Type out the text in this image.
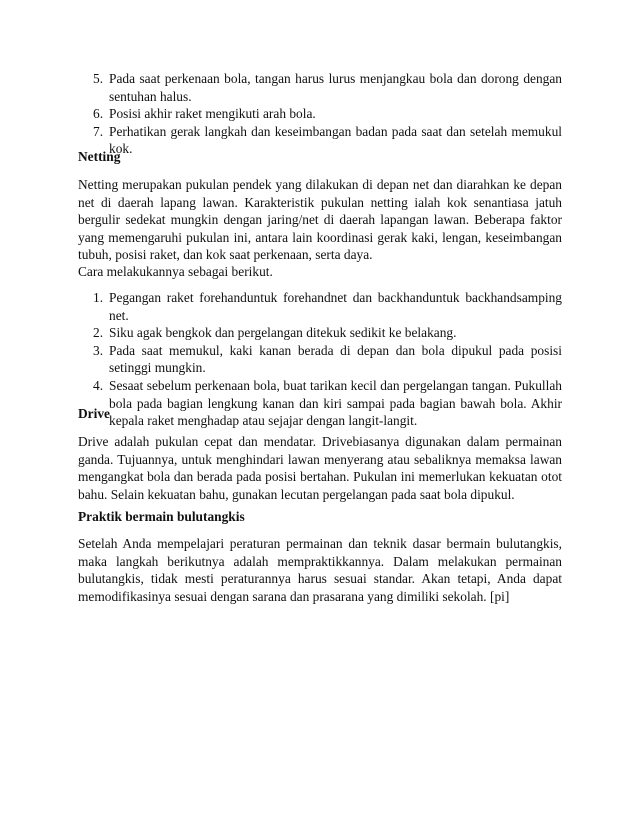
5. Pada saat perkenaan bola, tangan harus lurus menjangkau bola dan dorong dengan sentuhan halus.
6. Posisi akhir raket mengikuti arah bola.
7. Perhatikan gerak langkah dan keseimbangan badan pada saat dan setelah memukul kok.

Netting

Netting merupakan pukulan pendek yang dilakukan di depan net dan diarahkan ke depan net di daerah lapang lawan. Karakteristik pukulan netting ialah kok senantiasa jatuh bergulir sedekat mungkin dengan jaring/net di daerah lapangan lawan. Beberapa faktor yang memengaruhi pukulan ini, antara lain koordinasi gerak kaki, lengan, keseimbangan tubuh, posisi raket, dan kok saat perkenaan, serta daya.

Cara melakukannya sebagai berikut.

1. Pegangan raket forehanduntuk forehandnet dan backhanduntuk backhandsamping net.
2. Siku agak bengkok dan pergelangan ditekuk sedikit ke belakang.
3. Pada saat memukul, kaki kanan berada di depan dan bola dipukul pada posisi setinggi mungkin.
4. Sesaat sebelum perkenaan bola, buat tarikan kecil dan pergelangan tangan. Pukullah bola pada bagian lengkung kanan dan kiri sampai pada bagian bawah bola. Akhir kepala raket menghadap atau sejajar dengan langit-langit.

Drive

Drive adalah pukulan cepat dan mendatar. Drivebiasanya digunakan dalam permainan ganda. Tujuannya, untuk menghindari lawan menyerang atau sebaliknya memaksa lawan mengangkat bola dan berada pada posisi bertahan. Pukulan ini memerlukan kekuatan otot bahu. Selain kekuatan bahu, gunakan lecutan pergelangan pada saat bola dipukul.

Praktik bermain bulutangkis

Setelah Anda mempelajari peraturan permainan dan teknik dasar bermain bulutangkis, maka langkah berikutnya adalah mempraktikkannya. Dalam melakukan permainan bulutangkis, tidak mesti peraturannya harus sesuai standar. Akan tetapi, Anda dapat memodifikasinya sesuai dengan sarana dan prasarana yang dimiliki sekolah. [pi]
